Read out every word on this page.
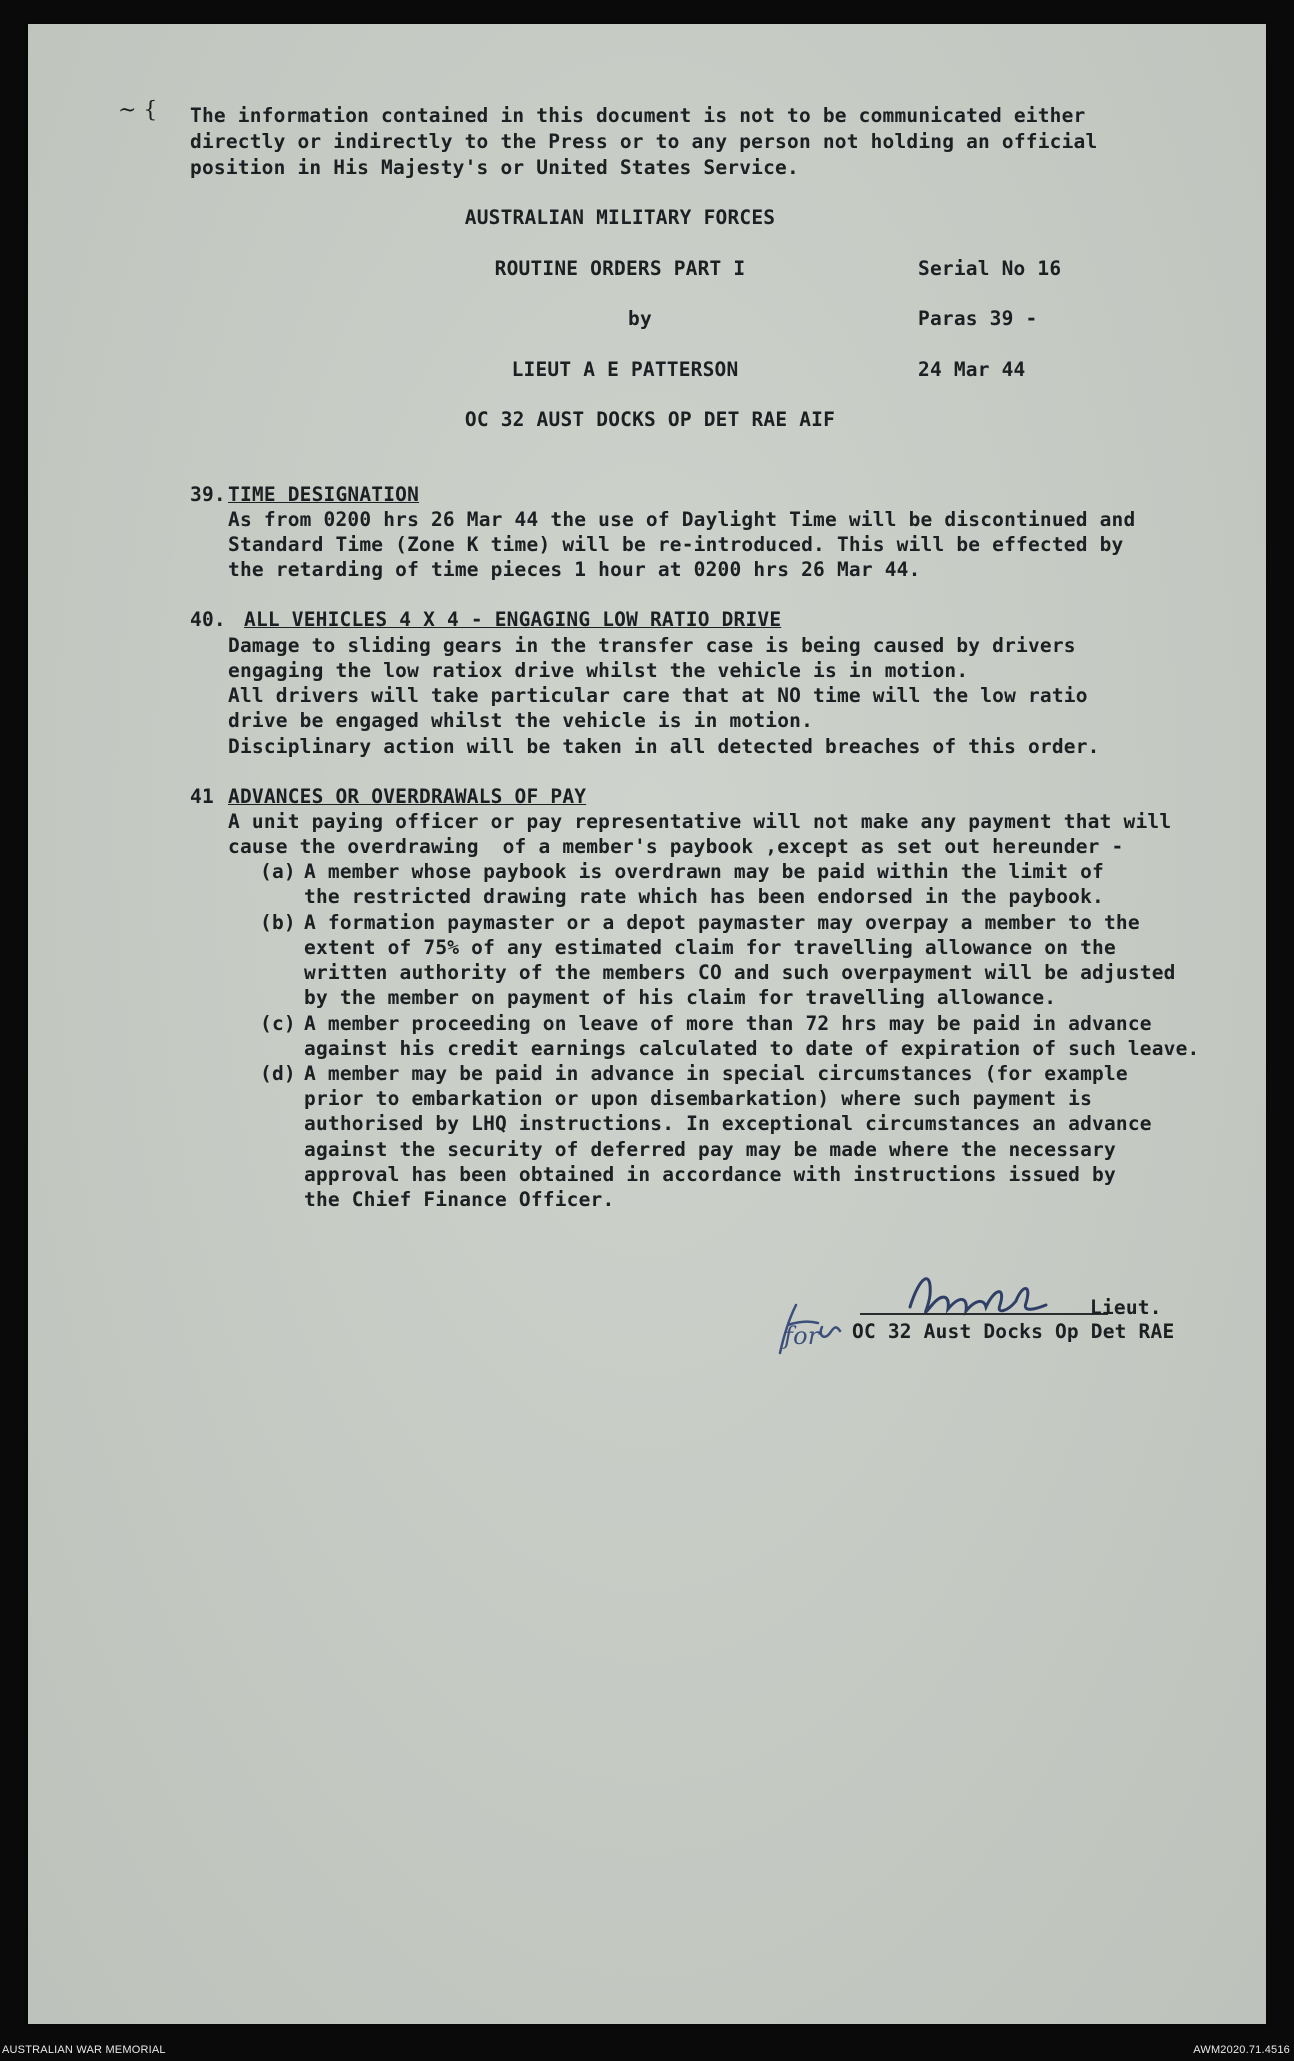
~ { The information contained in this document is not to be communicated either
directly or indirectly to the Press or to any person not holding an official
position in His Majesty's or United States Service.
AUSTRALIAN MILITARY FORCES
ROUTINE ORDERS PART I	Serial No 16
by	Paras 39 -
LIEUT A E PATTERSON	24 Mar 44
OC 32 AUST DOCKS OP DET RAE AIF
39. TIME DESIGNATION
As from 0200 hrs 26 Mar 44 the use of Daylight Time will be discontinued and
Standard Time (Zone K time) will be re-introduced. This will be effected by
the retarding of time pieces 1 hour at 0200 hrs 26 Mar 44.
40. ALL VEHICLES 4 X 4 - ENGAGING LOW RATIO DRIVE
Damage to sliding gears in the transfer case is being caused by drivers
engaging the low ratiox drive whilst the vehicle is in motion.
All drivers will take particular care that at NO time will the low ratio
drive be engaged whilst the vehicle is in motion.
Disciplinary action will be taken in all detected breaches of this order.
41 ADVANCES OR OVERDRAWALS OF PAY
A unit paying officer or pay representative will not make any payment that will
cause the overdrawing  of a member's paybook ,except as set out hereunder -
(a) A member whose paybook is overdrawn may be paid within the limit of
the restricted drawing rate which has been endorsed in the paybook.
(b) A formation paymaster or a depot paymaster may overpay a member to the
extent of 75% of any estimated claim for travelling allowance on the
written authority of the members CO and such overpayment will be adjusted
by the member on payment of his claim for travelling allowance.
(c) A member proceeding on leave of more than 72 hrs may be paid in advance
against his credit earnings calculated to date of expiration of such leave.
(d) A member may be paid in advance in special circumstances (for example
prior to embarkation or upon disembarkation) where such payment is
authorised by LHQ instructions. In exceptional circumstances an advance
against the security of deferred pay may be made where the necessary
approval has been obtained in accordance with instructions issued by
the Chief Finance Officer.
Lieut.
OC 32 Aust Docks Op Det RAE
for
AUSTRALIAN WAR MEMORIAL	AWM2020.71.4516
